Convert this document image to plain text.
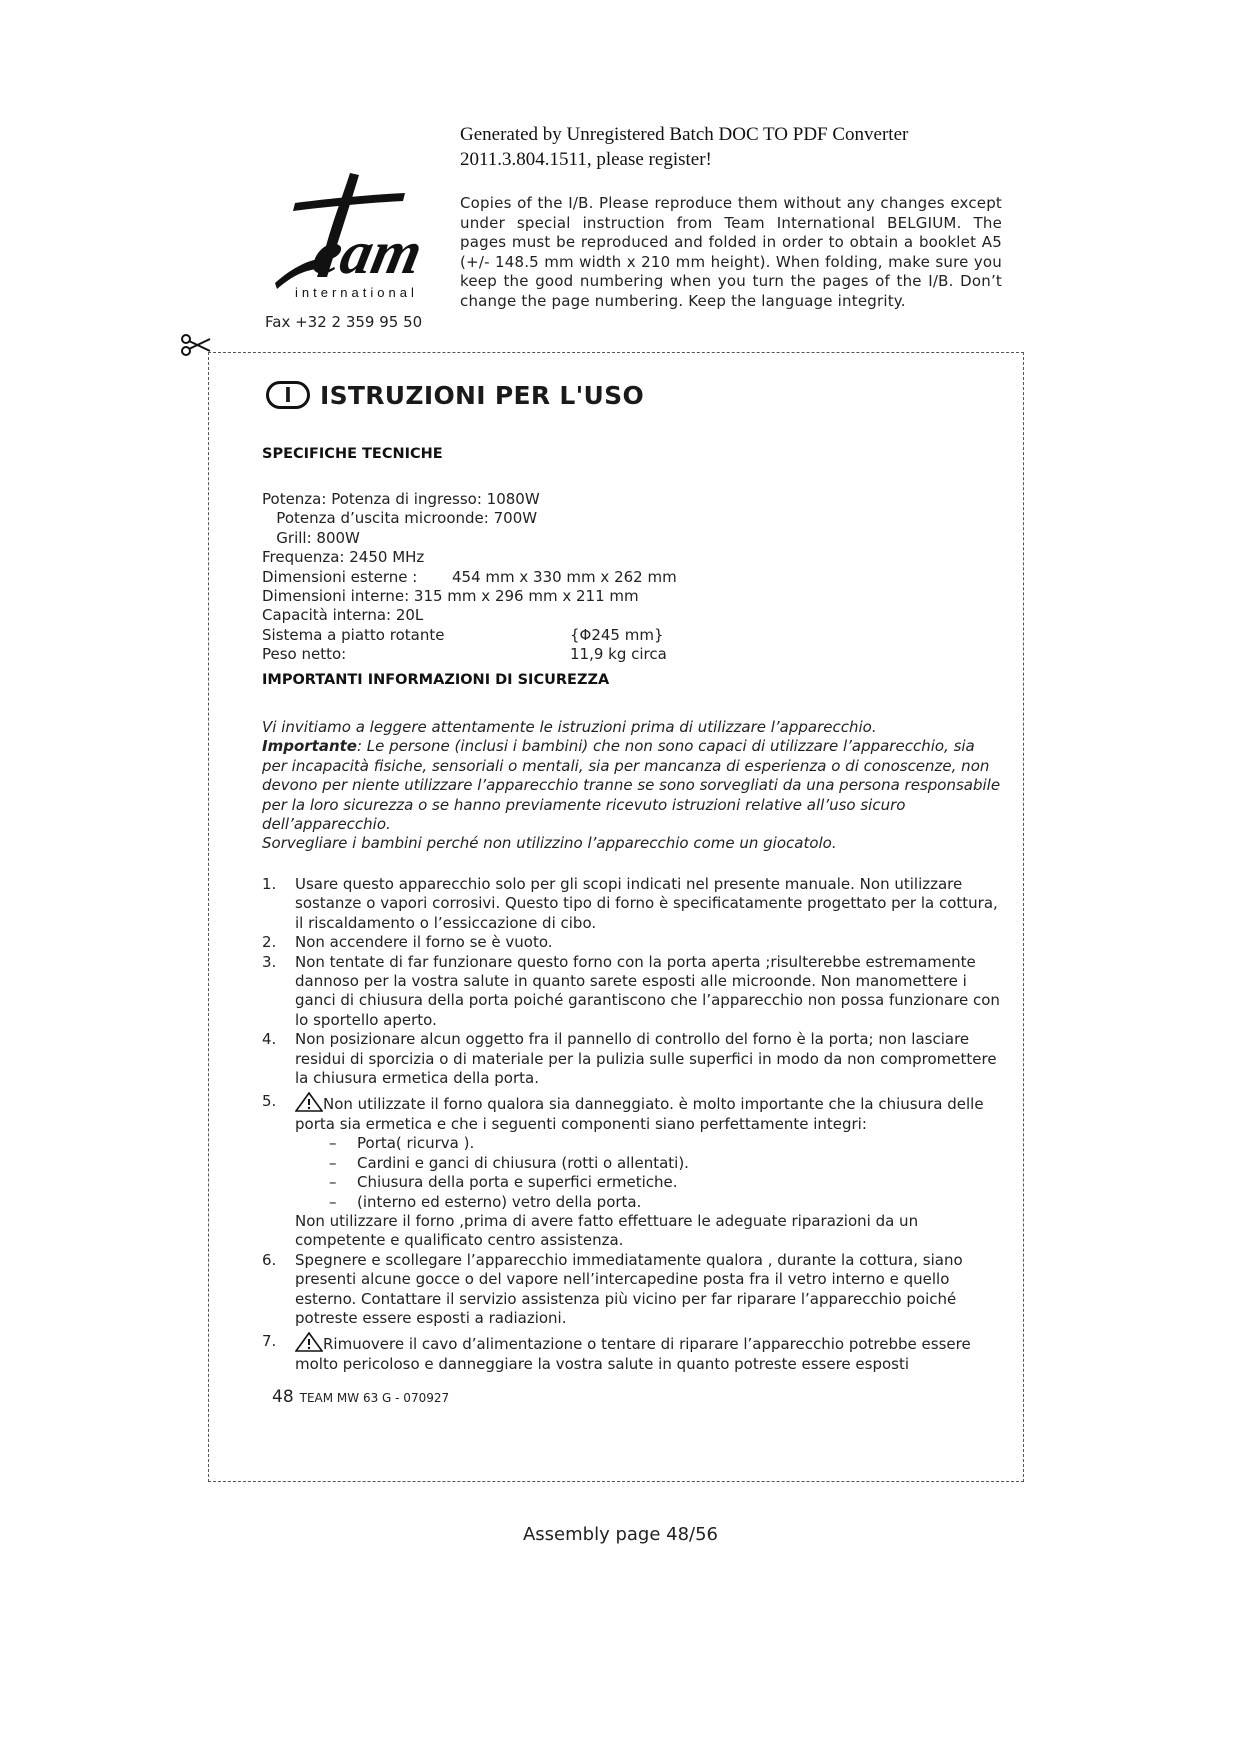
Generated by Unregistered Batch DOC TO PDF Converter
2011.3.804.1511, please register!
eam
international
Fax +32 2 359 95 50
Copies of the I/B. Please reproduce them without any changes except under special instruction from Team International BELGIUM. The pages must be reproduced and folded in order to obtain a booklet A5 (+/- 148.5 mm width x 210 mm height). When folding, make sure you keep the good numbering when you turn the pages of the I/B. Don’t change the page numbering. Keep the language integrity.
I	ISTRUZIONI PER L'USO
SPECIFICHE TECNICHE
Potenza: Potenza di ingresso: 1080W
Potenza d’uscita microonde: 700W
Grill: 800W
Frequenza: 2450 MHz
Dimensioni esterne : 454 mm x 330 mm x 262 mm
Dimensioni interne: 315 mm x 296 mm x 211 mm
Capacità interna: 20L
Sistema a piatto rotante	{Φ245 mm}
Peso netto:	11,9 kg circa
IMPORTANTI INFORMAZIONI DI SICUREZZA
Vi invitiamo a leggere attentamente le istruzioni prima di utilizzare l’apparecchio.
Importante: Le persone (inclusi i bambini) che non sono capaci di utilizzare l’apparecchio, sia per incapacità fisiche, sensoriali o mentali, sia per mancanza di esperienza o di conoscenze, non devono per niente utilizzare l’apparecchio tranne se sono sorvegliati da una persona responsabile per la loro sicurezza o se hanno previamente ricevuto istruzioni relative all’uso sicuro dell’apparecchio.
Sorvegliare i bambini perché non utilizzino l’apparecchio come un giocatolo.
1. Usare questo apparecchio solo per gli scopi indicati nel presente manuale. Non utilizzare sostanze o vapori corrosivi. Questo tipo di forno è specificatamente progettato per la cottura, il riscaldamento o l’essiccazione di cibo.
2. Non accendere il forno se è vuoto.
3. Non tentate di far funzionare questo forno con la porta aperta ;risulterebbe estremamente dannoso per la vostra salute in quanto sarete esposti alle microonde. Non manomettere i ganci di chiusura della porta poiché garantiscono che l’apparecchio non possa funzionare con lo sportello aperto.
4. Non posizionare alcun oggetto fra il pannello di controllo del forno è la porta; non lasciare residui di sporcizia o di materiale per la pulizia sulle superfici in modo da non compromettere la chiusura ermetica della porta.
5.	Non utilizzate il forno qualora sia danneggiato. è molto importante che la chiusura delle porta sia ermetica e che i seguenti componenti siano perfettamente integri:
– Porta( ricurva ).
– Cardini e ganci di chiusura (rotti o allentati).
– Chiusura della porta e superfici ermetiche.
– (interno ed esterno) vetro della porta.
Non utilizzare il forno ,prima di avere fatto effettuare le adeguate riparazioni da un competente e qualificato centro assistenza.
6. Spegnere e scollegare l’apparecchio immediatamente qualora , durante la cottura, siano presenti alcune gocce o del vapore nell’intercapedine posta fra il vetro interno e quello esterno. Contattare il servizio assistenza più vicino per far riparare l’apparecchio poiché potreste essere esposti a radiazioni.
7.	Rimuovere il cavo d’alimentazione o tentare di riparare l’apparecchio potrebbe essere molto pericoloso e danneggiare la vostra salute in quanto potreste essere esposti
48 TEAM MW 63 G - 070927
Assembly page 48/56
